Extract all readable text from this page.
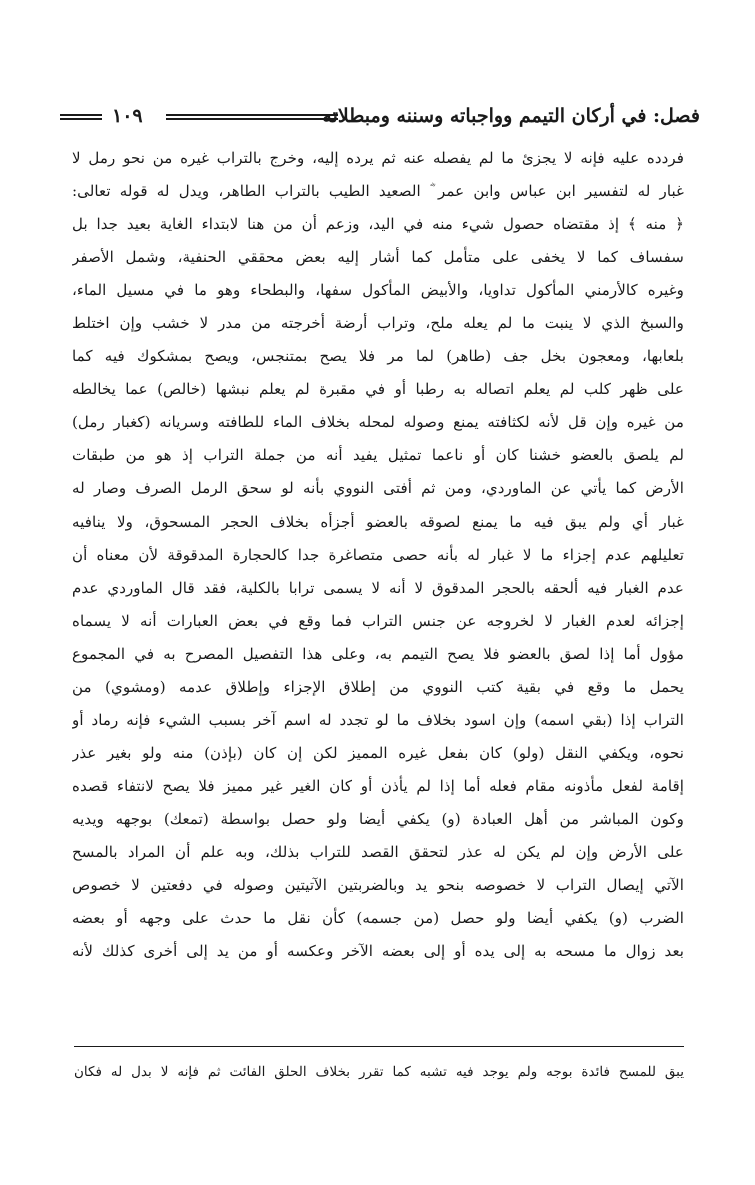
١٠٩	فصل: في أركان التيمم وواجباته وسننه ومبطلاته
فردده عليه فإنه لا يجزئ ما لم يفصله عنه ثم يرده إليه، وخرج بالتراب غيره من نحو رمل لا
غبار له لتفسير ابن عباس وابن عمر ؓ الصعيد الطيب بالتراب الطاهر، ويدل له قوله تعالى:
﴿ منه ﴾ إذ مقتضاه حصول شيء منه في اليد، وزعم أن من هنا لابتداء الغاية بعيد جدا بل
سفساف كما لا يخفى على متأمل كما أشار إليه بعض محققي الحنفية، وشمل الأصفر
وغيره كالأرمني المأكول تداويا، والأبيض المأكول سفها، والبطحاء وهو ما في مسيل الماء،
والسبخ الذي لا ينبت ما لم يعله ملح، وتراب أرضة أخرجته من مدر لا خشب وإن اختلط
بلعابها، ومعجون بخل جف (طاهر) لما مر فلا يصح بمتنجس، ويصح بمشكوك فيه كما
على ظهر كلب لم يعلم اتصاله به رطبا أو في مقبرة لم يعلم نبشها (خالص) عما يخالطه
من غيره وإن قل لأنه لكثافته يمنع وصوله لمحله بخلاف الماء للطافته وسريانه (كغبار رمل)
لم يلصق بالعضو خشنا كان أو ناعما تمثيل يفيد أنه من جملة التراب إذ هو من طبقات
الأرض كما يأتي عن الماوردي، ومن ثم أفتى النووي بأنه لو سحق الرمل الصرف وصار له
غبار أي ولم يبق فيه ما يمنع لصوقه بالعضو أجزأه بخلاف الحجر المسحوق، ولا ينافيه
تعليلهم عدم إجزاء ما لا غبار له بأنه حصى متصاغرة جدا كالحجارة المدقوقة لأن معناه أن
عدم الغبار فيه ألحقه بالحجر المدقوق لا أنه لا يسمى ترابا بالكلية، فقد قال الماوردي عدم
إجزائه لعدم الغبار لا لخروجه عن جنس التراب فما وقع في بعض العبارات أنه لا يسماه
مؤول أما إذا لصق بالعضو فلا يصح التيمم به، وعلى هذا التفصيل المصرح به في المجموع
يحمل ما وقع في بقية كتب النووي من إطلاق الإجزاء وإطلاق عدمه (ومشوي) من
التراب إذا (بقي اسمه) وإن اسود بخلاف ما لو تجدد له اسم آخر بسبب الشيء فإنه رماد أو
نحوه، ويكفي النقل (ولو) كان بفعل غيره المميز لكن إن كان (بإذن) منه ولو بغير عذر
إقامة لفعل مأذونه مقام فعله أما إذا لم يأذن أو كان الغير غير مميز فلا يصح لانتفاء قصده
وكون المباشر من أهل العبادة (و) يكفي أيضا ولو حصل بواسطة (تمعك) بوجهه ويديه
على الأرض وإن لم يكن له عذر لتحقق القصد للتراب بذلك، وبه علم أن المراد بالمسح
الآتي إيصال التراب لا خصوصه بنحو يد وبالضربتين الآتيتين وصوله في دفعتين لا خصوص
الضرب (و) يكفي أيضا ولو حصل (من جسمه) كأن نقل ما حدث على وجهه أو بعضه
بعد زوال ما مسحه به إلى يده أو إلى بعضه الآخر وعكسه أو من يد إلى أخرى كذلك لأنه
يبق للمسح فائدة بوجه ولم يوجد فيه تشبه كما تقرر بخلاف الحلق الفائت ثم فإنه لا بدل له فكان
